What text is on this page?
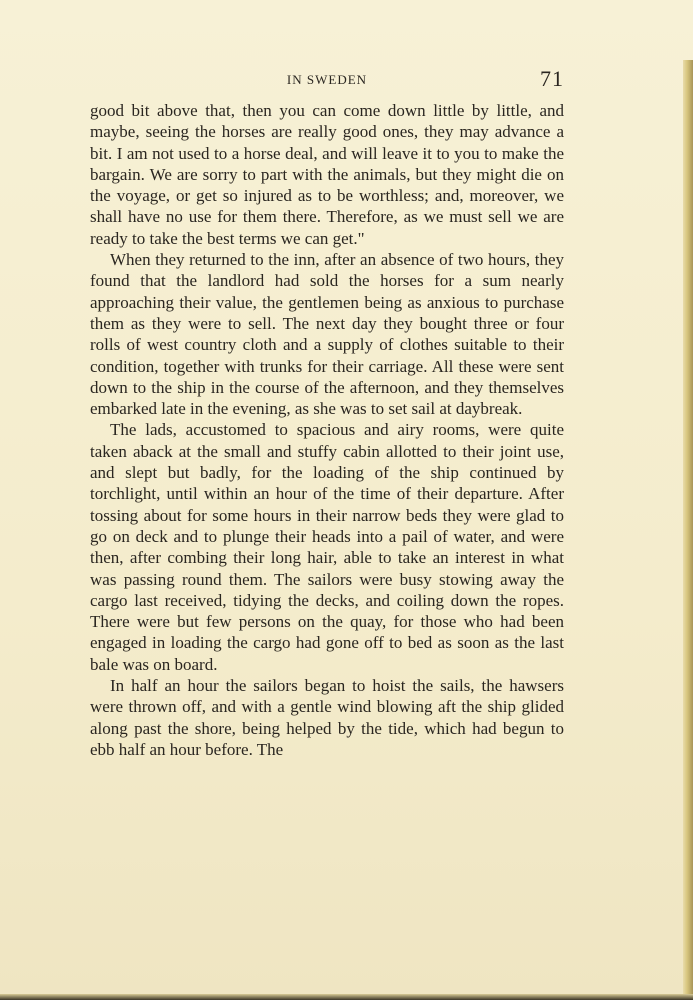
IN SWEDEN	71

good bit above that, then you can come down little by little, and maybe, seeing the horses are really good ones, they may advance a bit. I am not used to a horse deal, and will leave it to you to make the bargain. We are sorry to part with the animals, but they might die on the voyage, or get so injured as to be worthless; and, moreover, we shall have no use for them there. Therefore, as we must sell we are ready to take the best terms we can get."

When they returned to the inn, after an absence of two hours, they found that the landlord had sold the horses for a sum nearly approaching their value, the gentlemen being as anxious to purchase them as they were to sell. The next day they bought three or four rolls of west country cloth and a supply of clothes suitable to their condition, together with trunks for their carriage. All these were sent down to the ship in the course of the afternoon, and they themselves embarked late in the evening, as she was to set sail at daybreak.

The lads, accustomed to spacious and airy rooms, were quite taken aback at the small and stuffy cabin allotted to their joint use, and slept but badly, for the loading of the ship continued by torchlight, until within an hour of the time of their departure. After tossing about for some hours in their narrow beds they were glad to go on deck and to plunge their heads into a pail of water, and were then, after combing their long hair, able to take an interest in what was passing round them. The sailors were busy stowing away the cargo last received, tidying the decks, and coiling down the ropes. There were but few persons on the quay, for those who had been engaged in loading the cargo had gone off to bed as soon as the last bale was on board.

In half an hour the sailors began to hoist the sails, the hawsers were thrown off, and with a gentle wind blowing aft the ship glided along past the shore, being helped by the tide, which had begun to ebb half an hour before. The
